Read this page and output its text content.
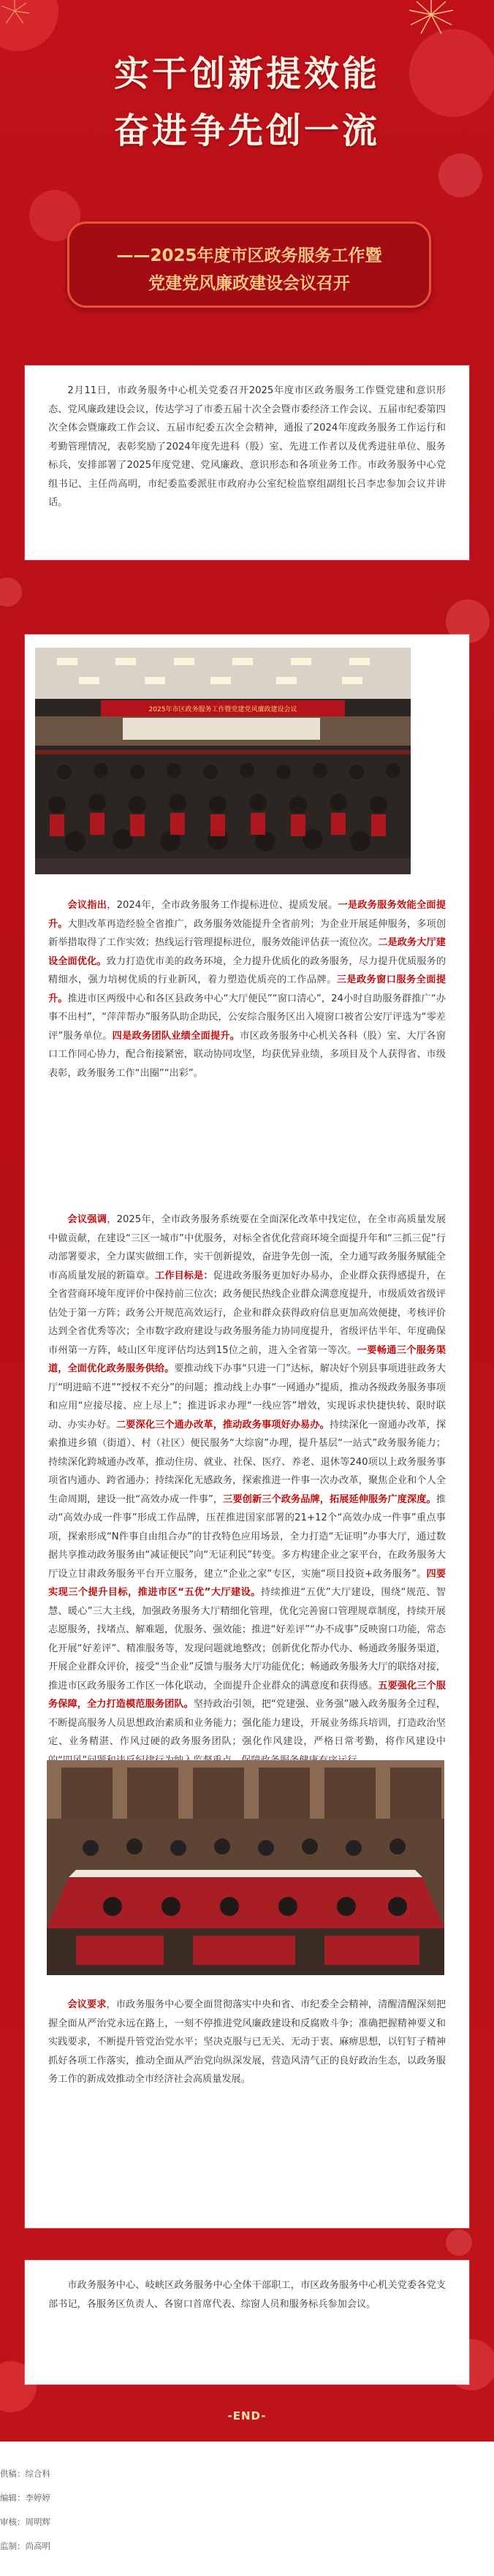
实干创新提效能
奋进争先创一流
——2025年度市区政务服务工作暨
党建党风廉政建设会议召开

2月11日，市政务服务中心机关党委召开2025年度市区政务服务工作暨党建和意识形态、党风廉政建设会议，传达学习了市委五届十次全会暨市委经济工作会议、五届市纪委第四次全体会暨廉政工作会议、五届市纪委五次全会精神，通报了2024年度政务服务工作运行和考勤管理情况，表彰奖励了2024年度先进科（股）室、先进工作者以及优秀进驻单位、服务标兵，安排部署了2025年度党建、党风廉政、意识形态和各项业务工作。市政务服务中心党组书记、主任尚高明，市纪委监委派驻市政府办公室纪检监察组副组长吕李忠参加会议并讲话。

2025年市区政务服务工作暨党建党风廉政建设会议

会议指出，2024年，全市政务服务工作提标进位、提质发展。一是政务服务效能全面提升。大胆改革再造经验全省推广，政务服务效能提升全省前列；为企业开展延伸服务，多项创新举措取得了工作实效；热线运行管理提标进位，服务效能评估获一流位次。二是政务大厅建设全面优化。致力打造优市美的政务环境，全力提升优质化的政务服务，尽力提升优质服务的精细水，强力培树优质的行业新风，着力塑造优质亮的工作品牌。三是政务窗口服务全面提升。推进市区两级中心和各区县政务中心“大厅便民”“窗口清心”，24小时自助服务群推广“办事不出村”，“萍萍帮办”服务队助企助民，公安综合服务区出入境窗口被省公安厅评选为“零差评”服务单位。四是政务团队业绩全面提升。市区政务服务中心机关各科（股）室、大厅各窗口工作同心协力，配合衔接紧密，联动协同攻坚，均获优异业绩，多项目及个人获得省、市级表彰，政务服务工作“出圈”“出彩”。

会议强调，2025年，全市政务服务系统要在全面深化改革中找定位，在全市高质量发展中做贡献，在建设“三区一城市”中优服务，对标全省优化营商环境全面提升年和“三抓三促”行动部署要求，全力谋实做细工作，实干创新提效，奋进争先创一流，全力通写政务服务赋能全市高质量发展的新篇章。工作目标是：促进政务服务更加好办易办，企业群众获得感提升，在全省营商环境年度评价中保持前三位次；政务便民热线企业群众满意度提升，市级质效省级评估处于第一方阵；政务公开规范高效运行，企业和群众获得政府信息更加高效便捷，考核评价达到全省优秀等次；全市数字政府建设与政务服务能力协同度提升，省级评估半年、年度确保市州第一方阵，岐山区年度评估均达到15位之前，进入全省第一等次。一要畅通三个服务渠道，全面优化政务服务供给。要推动线下办事“只进一门”达标，解决好个别县事项进驻政务大厅“明进暗不进”“授权不充分”的问题；推动线上办事“一网通办”提质，推动各级政务服务事项和应用“应接尽接、应上尽上”；推进诉求办理“一线应答”增效，实现诉求快捷快转、限时联动、办实办好。二要深化三个通办改革，推动政务事项好办易办。持续深化一窗通办改革，探索推进乡镇（街道）、村（社区）便民服务“大综窗”办理，提升基层“一站式”政务服务能力；持续深化跨城通办改革，推动住房、就业、社保、医疗、养老、退休等240项以上政务服务事项省内通办、跨省通办；持续深化无感政务，探索推进一件事一次办改革，聚焦企业和个人全生命周期，建设一批“高效办成一件事”，三要创新三个政务品牌，拓展延伸服务广度深度。推动“高效办成一件事”形成工作品牌，压茬推进国家部署的21+12个“高效办成一件事”重点事项，探索形成“N件事自由组合办”的甘孜特色应用场景，全力打造“无证明”办事大厅，通过数据共享推动政务服务由“减证便民”向“无证利民”转变。多方构建企业之家平台，在政务服务大厅设立甘肃政务服务平台开立服务，建立“企业之家”专区，实施“项目投资+政务服务”。四要实现三个提升目标，推进市区“五优”大厅建设。持续推进“五优”大厅建设，围绕“规范、智慧、暖心”三大主线，加强政务服务大厅精细化管理，优化完善窗口管理规章制度，持续开展志愿服务，找堵点、解难题，优服务、强效能；推进“好差评”“办不成事”反映窗口功能，常态化开展“好差评”、精准服务等，发现问题就地整改；创新优化帮办代办、畅通政务服务渠道，开展企业群众评价，接受“当企业”反馈与服务大厅功能优化；畅通政务服务大厅的联络对接，推进市区政务服务工作区一体化联动，全面提升企业群众的满意度和获得感。五要强化三个服务保障，全力打造模范服务团队。坚持政治引领，把“党建强、业务强”融入政务服务全过程，不断提高服务人员思想政治素质和业务能力；强化能力建设，开展业务练兵培训，打造政治坚定、业务精湛、作风过硬的政务服务团队；强化作风建设，严格日常考勤，将作风建设中

会议要求，市政务服务中心要全面贯彻落实中央和省、市纪委全会精神，清醒清醒深刻把握全面从严治党永远在路上，一刻不停推进党风廉政建设和反腐败斗争；准确把握精神要义和实践要求，不断提升管党治党水平；坚决克服与已无关、无动于衷、麻痹思想，以钉钉子精神抓好各项工作落实，推动全面从严治党向纵深发展，营造风清气正的良好政治生态，以政务服务工作的新成效推动全市经济社会高质量发展。

市政务服务中心、岐峡区政务服务中心全体干部职工，市区政务服务中心机关党委各党支部书记，各服务区负责人、各窗口首席代表、综窗人员和服务标兵参加会议。

-END-

供稿：综合科

编辑：李婷婷

审核：周明辉

监制：尚高明
